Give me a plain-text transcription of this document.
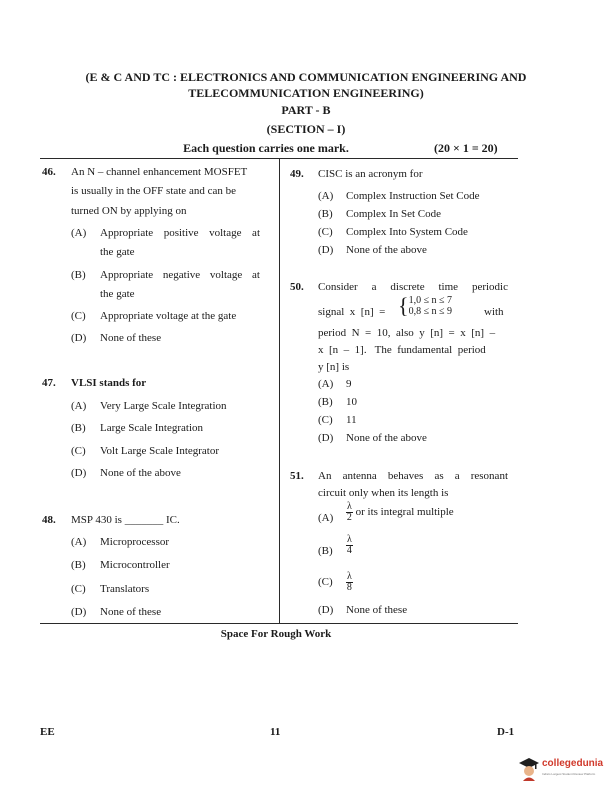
(E & C AND TC : ELECTRONICS AND COMMUNICATION ENGINEERING AND
TELECOMMUNICATION ENGINEERING)
PART - B
(SECTION – I)
Each question carries one mark.	(20 × 1 = 20)
46. An N – channel enhancement MOSFET
is usually in the OFF state and can be
turned ON by applying on
(A) Appropriate positive voltage at
the gate
(B) Appropriate negative voltage at
the gate
(C) Appropriate voltage at the gate
(D) None of these
47. VLSI stands for
(A) Very Large Scale Integration
(B) Large Scale Integration
(C) Volt Large Scale Integrator
(D) None of the above
48. MSP 430 is _______ IC.
(A) Microprocessor
(B) Microcontroller
(C) Translators
(D) None of these
49. CISC is an acronym for
(A) Complex Instruction Set Code
(B) Complex In Set Code
(C) Complex Into System Code
(D) None of the above
50. Consider  a  discrete  time  periodic
signal  x  [n]  = { 1,0 ≤ n ≤ 7
0,8 ≤ n ≤ 9	with
period  N  =  10,  also  y  [n]  =  x  [n]  –
x  [n  –  1].   The  fundamental  period
y [n] is
(A) 9
(B) 10
(C) 11
(D) None of the above
51. An  antenna  behaves  as  a  resonant
circuit only when its length is
$(A) \frac{\lambda}{2}$ or its integral multiple
$(B) \frac{\lambda}{4}$
$(C) \frac{\lambda}{8}$
(D) None of these
Space For Rough Work
EE	11	D-1
collegedunia
India's Largest Student Review Platform
